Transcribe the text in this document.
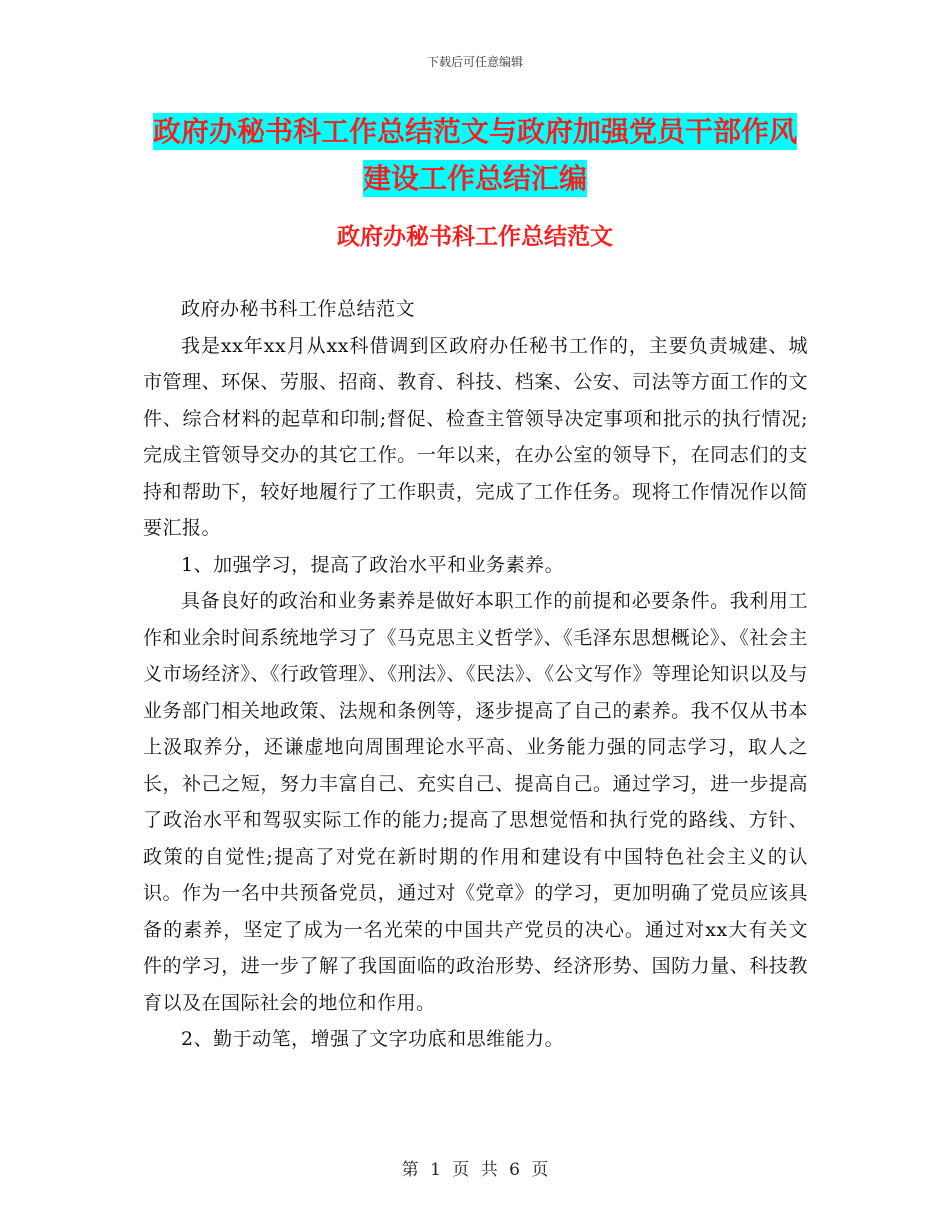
下载后可任意编辑
政府办秘书科工作总结范文与政府加强党员干部作风建设工作总结汇编
政府办秘书科工作总结范文

政府办秘书科工作总结范文

我是xx年xx月从xx科借调到区政府办任秘书工作的，主要负责城建、城市管理、环保、劳服、招商、教育、科技、档案、公安、司法等方面工作的文件、综合材料的起草和印制;督促、检查主管领导决定事项和批示的执行情况;完成主管领导交办的其它工作。一年以来，在办公室的领导下，在同志们的支持和帮助下，较好地履行了工作职责，完成了工作任务。现将工作情况作以简要汇报。

1、加强学习，提高了政治水平和业务素养。

具备良好的政治和业务素养是做好本职工作的前提和必要条件。我利用工作和业余时间系统地学习了《马克思主义哲学》、《毛泽东思想概论》、《社会主义市场经济》、《行政管理》、《刑法》、《民法》、《公文写作》等理论知识以及与业务部门相关地政策、法规和条例等，逐步提高了自己的素养。我不仅从书本上汲取养分，还谦虚地向周围理论水平高、业务能力强的同志学习，取人之长，补己之短，努力丰富自己、充实自己、提高自己。通过学习，进一步提高了政治水平和驾驭实际工作的能力;提高了思想觉悟和执行党的路线、方针、政策的自觉性;提高了对党在新时期的作用和建设有中国特色社会主义的认识。作为一名中共预备党员，通过对《党章》的学习，更加明确了党员应该具备的素养，坚定了成为一名光荣的中国共产党员的决心。通过对xx大有关文件的学习，进一步了解了我国面临的政治形势、经济形势、国防力量、科技教育以及在国际社会的地位和作用。

2、勤于动笔，增强了文字功底和思维能力。

第 1 页 共 6 页
